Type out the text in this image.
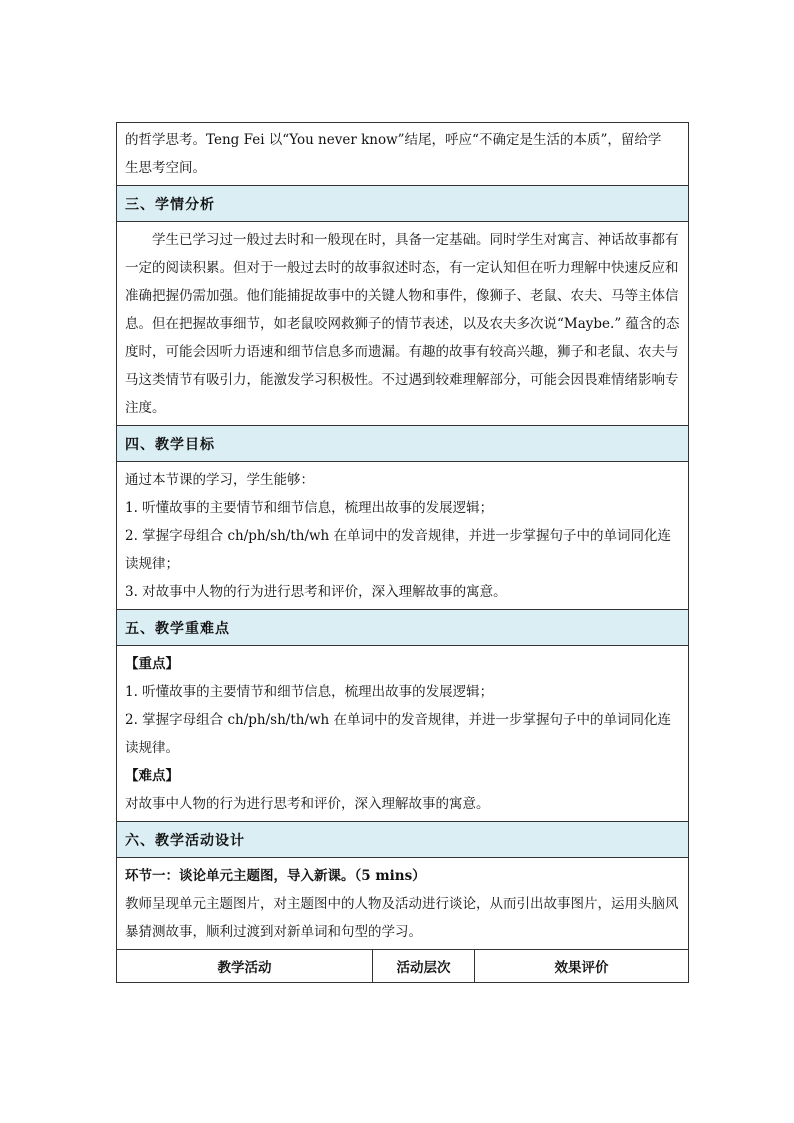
的哲学思考。Teng Fei 以“You never know”结尾，呼应“不确定是生活的本质”，留给学

生思考空间。

三、学情分析

学生已学习过一般过去时和一般现在时，具备一定基础。同时学生对寓言、神话故事都有一定的阅读积累。但对于一般过去时的故事叙述时态，有一定认知但在听力理解中快速反应和准确把握仍需加强。他们能捕捉故事中的关键人物和事件，像狮子、老鼠、农夫、马等主体信息。但在把握故事细节，如老鼠咬网救狮子的情节表述，以及农夫多次说“Maybe.” 蕴含的态度时，可能会因听力语速和细节信息多而遗漏。有趣的故事有较高兴趣，狮子和老鼠、农夫与马这类情节有吸引力，能激发学习积极性。不过遇到较难理解部分，可能会因畏难情绪影响专注度。

四、教学目标

通过本节课的学习，学生能够：

1. 听懂故事的主要情节和细节信息，梳理出故事的发展逻辑；

2. 掌握字母组合 ch/ph/sh/th/wh 在单词中的发音规律，并进一步掌握句子中的单词同化连读规律；

3. 对故事中人物的行为进行思考和评价，深入理解故事的寓意。

五、教学重难点

【重点】

1. 听懂故事的主要情节和细节信息，梳理出故事的发展逻辑；

2. 掌握字母组合 ch/ph/sh/th/wh 在单词中的发音规律，并进一步掌握句子中的单词同化连读规律。

【难点】

对故事中人物的行为进行思考和评价，深入理解故事的寓意。

六、教学活动设计

环节一：谈论单元主题图，导入新课。（5 mins）

教师呈现单元主题图片，对主题图中的人物及活动进行谈论，从而引出故事图片，运用头脑风暴猜测故事，顺利过渡到对新单词和句型的学习。

教学活动	活动层次	效果评价
